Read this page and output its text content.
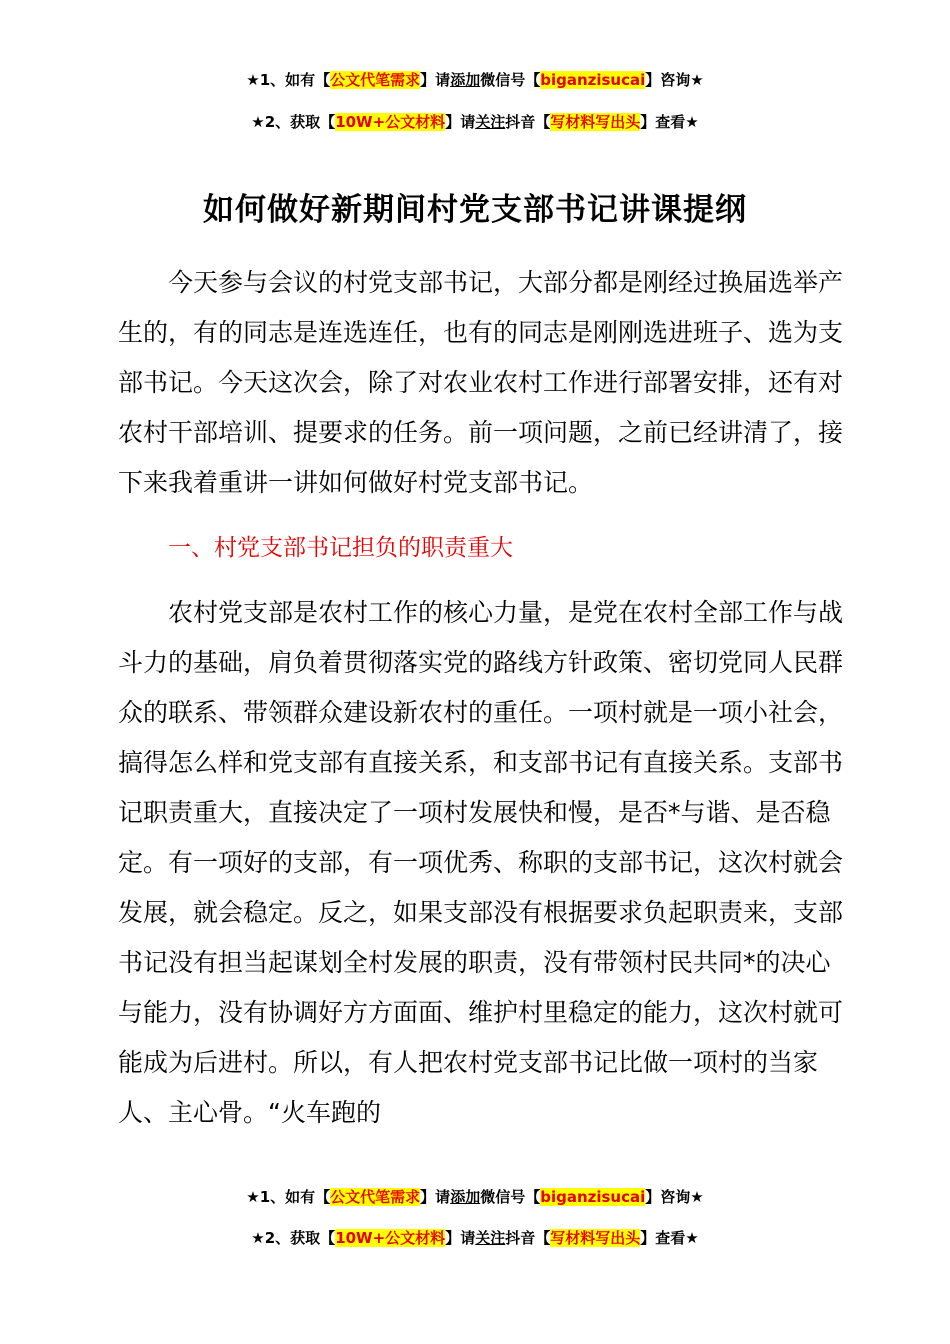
★1、如有【公文代笔需求】请添加微信号【biganzisucai】咨询★
★2、获取【10W+公文材料】请关注抖音【写材料写出头】查看★
如何做好新期间村党支部书记讲课提纲

今天参与会议的村党支部书记，大部分都是刚经过换届选举产生的，有的同志是连选连任，也有的同志是刚刚选进班子、选为支部书记。今天这次会，除了对农业农村工作进行部署安排，还有对农村干部培训、提要求的任务。前一项问题，之前已经讲清了，接下来我着重讲一讲如何做好村党支部书记。

一、村党支部书记担负的职责重大

农村党支部是农村工作的核心力量，是党在农村全部工作与战斗力的基础，肩负着贯彻落实党的路线方针政策、密切党同人民群众的联系、带领群众建设新农村的重任。一项村就是一项小社会，搞得怎么样和党支部有直接关系，和支部书记有直接关系。支部书记职责重大，直接决定了一项村发展快和慢，是否*与谐、是否稳定。有一项好的支部，有一项优秀、称职的支部书记，这次村就会发展，就会稳定。反之，如果支部没有根据要求负起职责来，支部书记没有担当起谋划全村发展的职责，没有带领村民共同*的决心与能力，没有协调好方方面面、维护村里稳定的能力，这次村就可能成为后进村。所以，有人把农村党支部书记比做一项村的当家人、主心骨。“火车跑的

★1、如有【公文代笔需求】请添加微信号【biganzisucai】咨询★
★2、获取【10W+公文材料】请关注抖音【写材料写出头】查看★
